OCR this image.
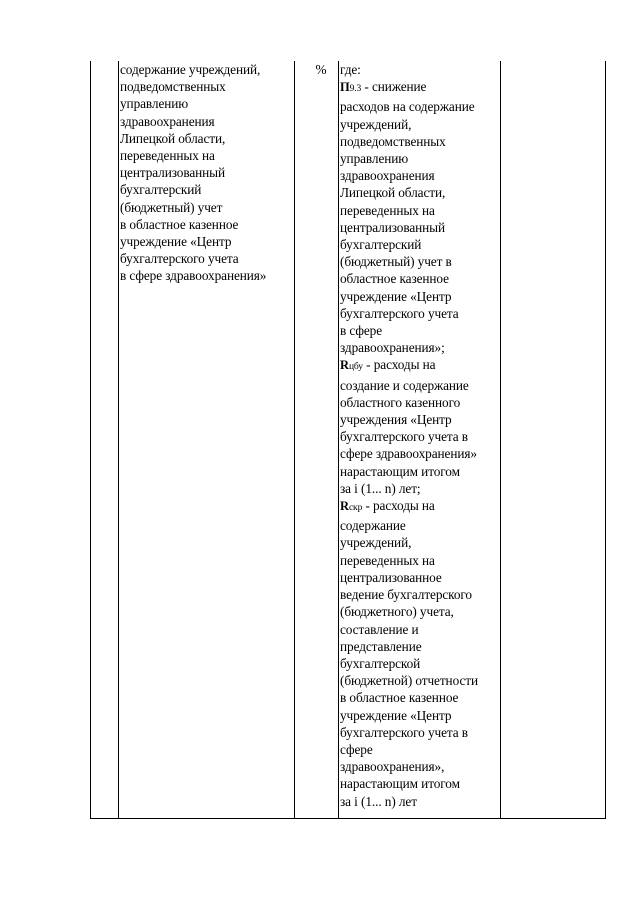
содержание учреждений,
подведомственных
управлению
здравоохранения
Липецкой области,
переведенных на
централизованный
бухгалтерский
(бюджетный) учет
в областное казенное
учреждение «Центр
бухгалтерского учета
в сфере здравоохранения»
% где:
П9.3 - снижение
расходов на содержание
учреждений,
подведомственных
управлению
здравоохранения
Липецкой области,
переведенных на
централизованный
бухгалтерский
(бюджетный) учет в
областное казенное
учреждение «Центр
бухгалтерского учета
в сфере
здравоохранения»;
Rцбу - расходы на
создание и содержание
областного казенного
учреждения «Центр
бухгалтерского учета в
сфере здравоохранения»
нарастающим итогом
за i (1... n) лет;
Rскр - расходы на
содержание
учреждений,
переведенных на
централизованное
ведение бухгалтерского
(бюджетного) учета,
составление и
представление
бухгалтерской
(бюджетной) отчетности
в областное казенное
учреждение «Центр
бухгалтерского учета в
сфере
здравоохранения»,
нарастающим итогом
за i (1... n) лет
